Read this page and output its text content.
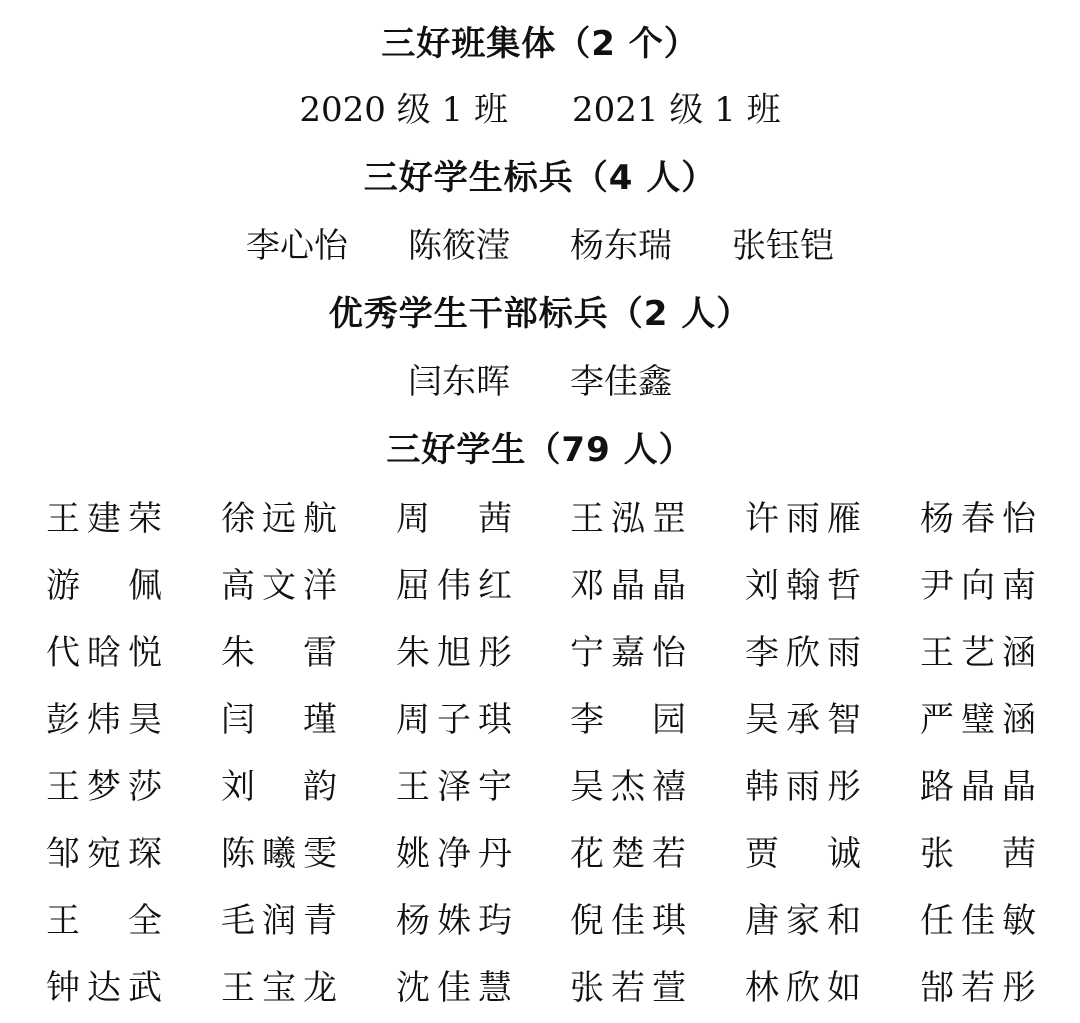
三好班集体（2 个）
2020 级 1 班 2021 级 1 班
三好学生标兵（4 人）
李心怡 陈筱滢 杨东瑞 张钰铠
优秀学生干部标兵（2 人）
闫东晖 李佳鑫
三好学生（79 人）
王建荣 徐远航 周　茜 王泓罡 许雨雁 杨春怡
游　佩 高文洋 屈伟红 邓晶晶 刘翰哲 尹向南
代晗悦 朱　雷 朱旭彤 宁嘉怡 李欣雨 王艺涵
彭炜昊 闫　瑾 周子琪 李　园 吴承智 严璧涵
王梦莎 刘　韵 王泽宇 吴杰禧 韩雨彤 路晶晶
邹宛琛 陈曦雯 姚净丹 花楚若 贾　诚 张　茜
王　全 毛润青 杨姝玙 倪佳琪 唐家和 任佳敏
钟达武 王宝龙 沈佳慧 张若萱 林欣如 郜若彤
